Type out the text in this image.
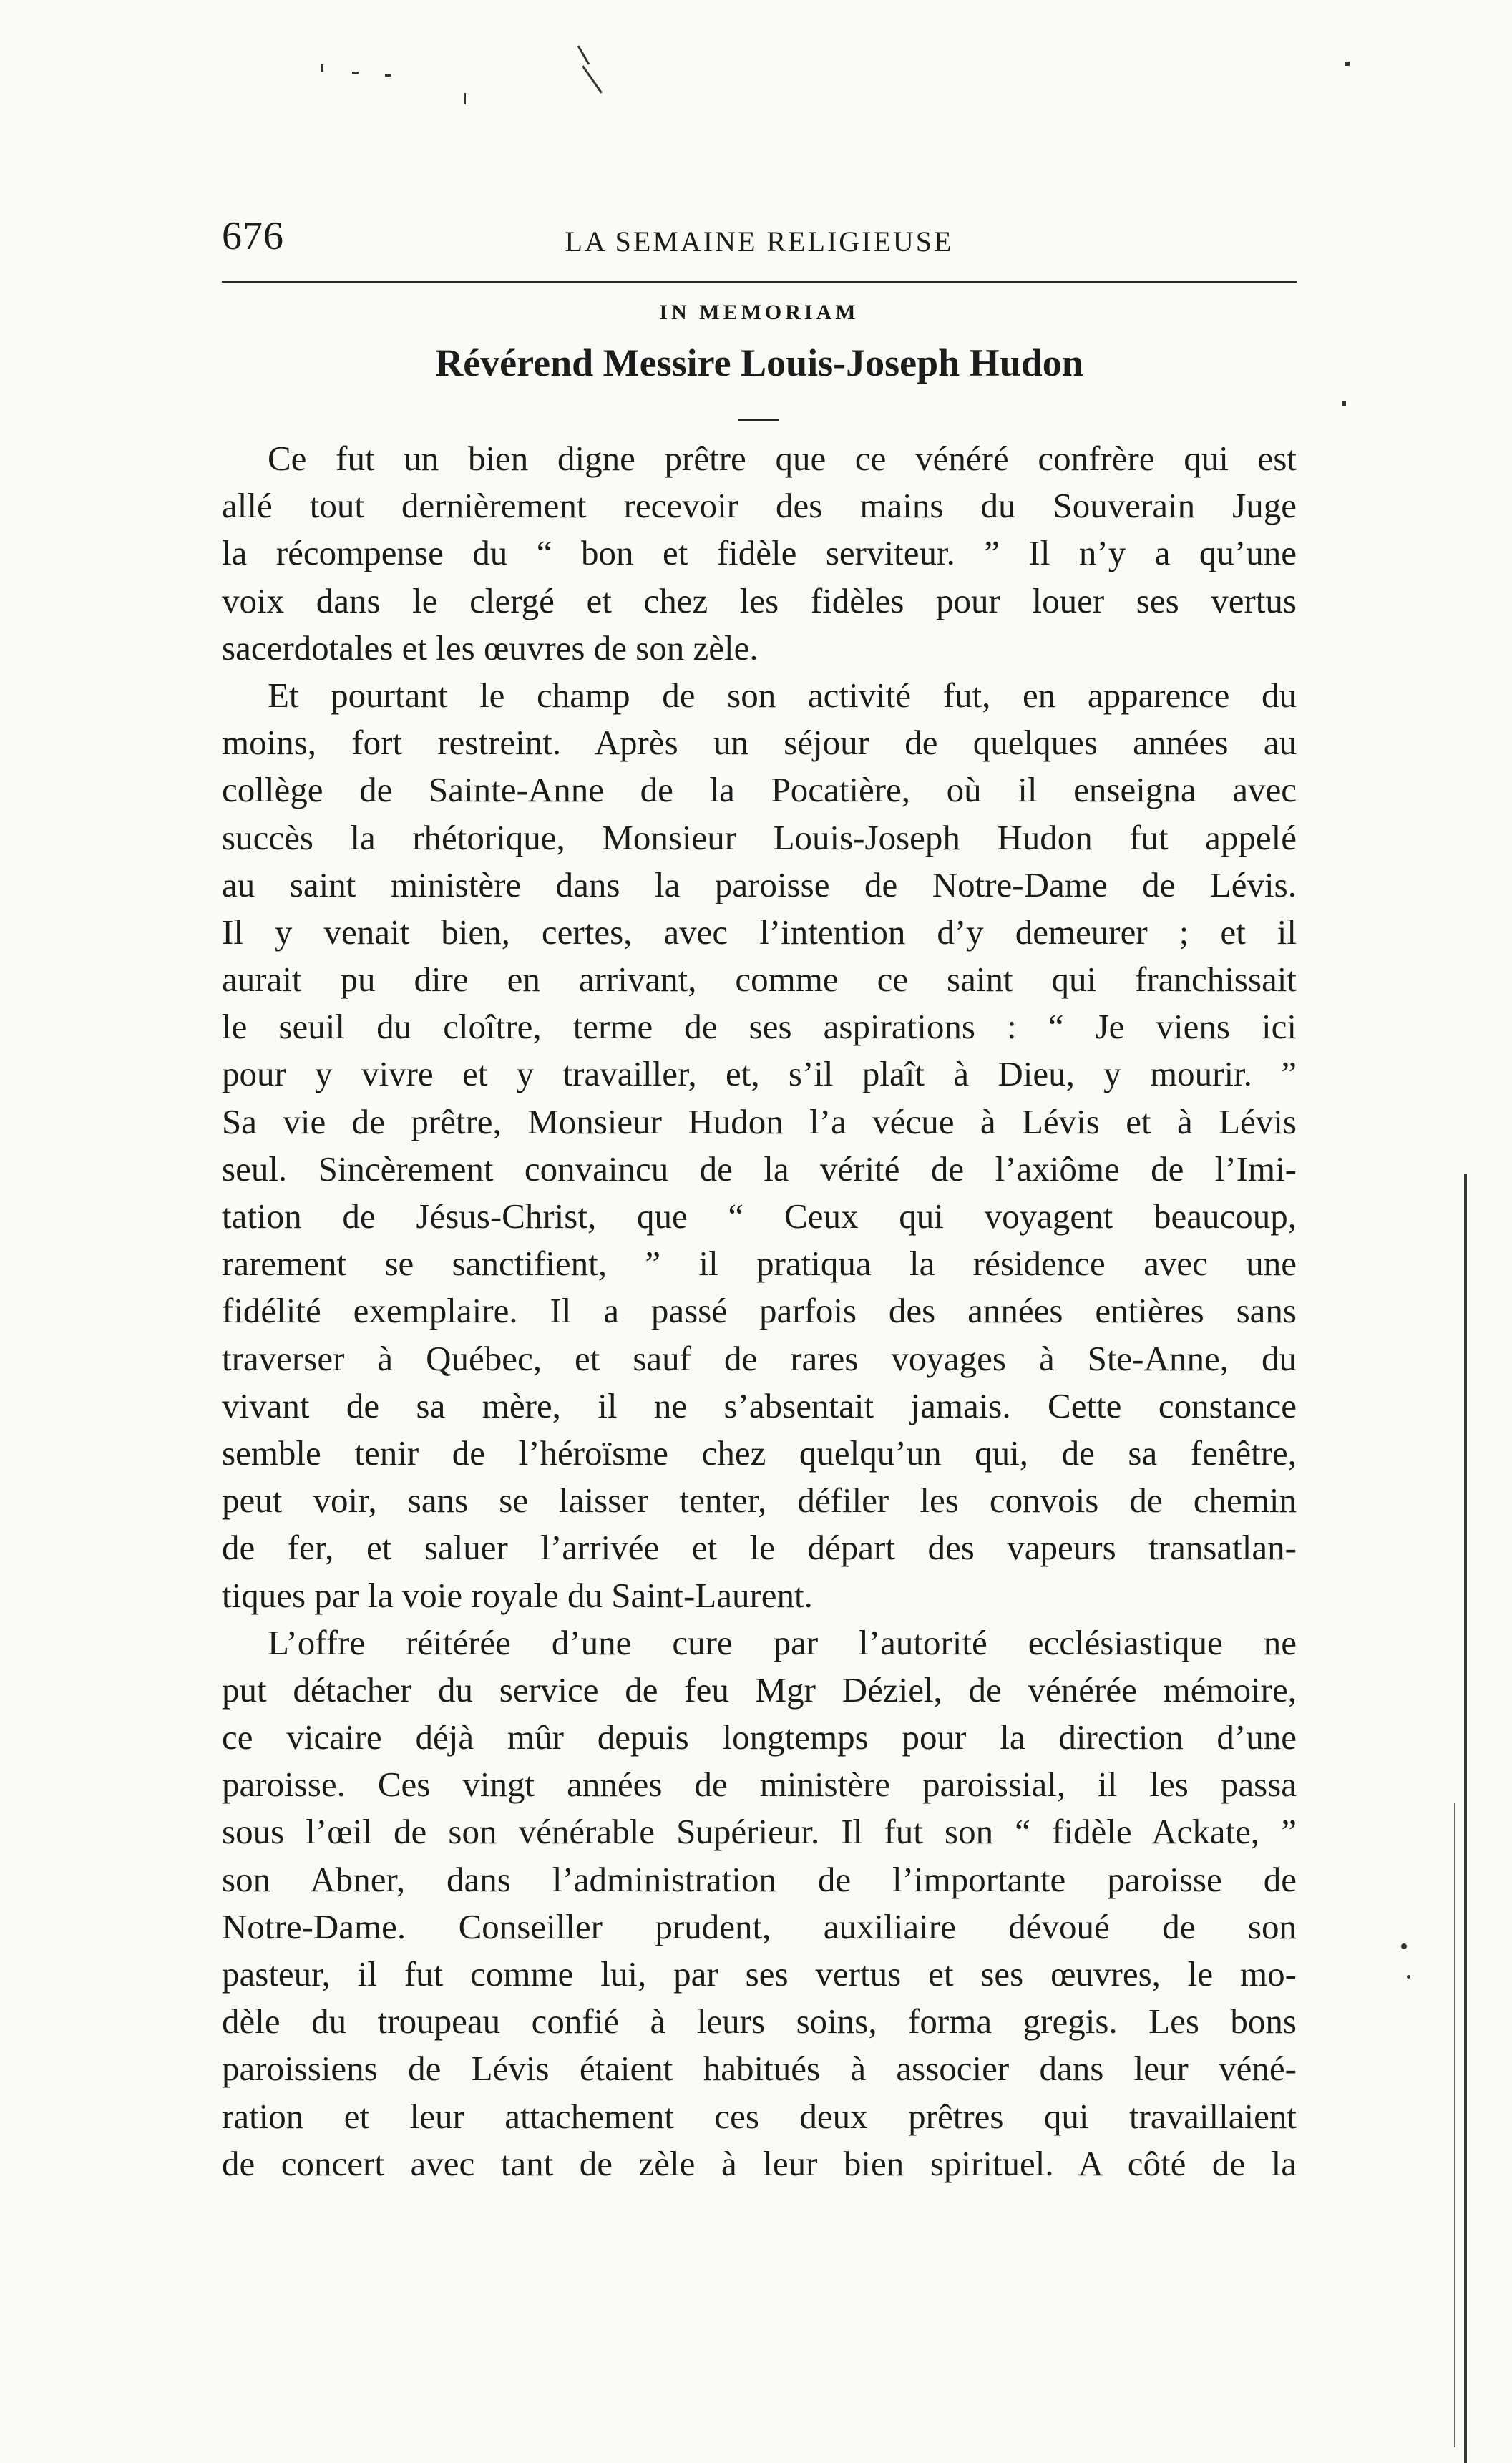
676	LA SEMAINE RELIGIEUSE
IN MEMORIAM
Révérend Messire Louis-Joseph Hudon
Ce fut un bien digne prêtre que ce vénéré confrère qui est
allé tout dernièrement recevoir des mains du Souverain Juge
la récompense du “ bon et fidèle serviteur. ” Il n’y a qu’une
voix dans le clergé et chez les fidèles pour louer ses vertus
sacerdotales et les œuvres de son zèle.
Et pourtant le champ de son activité fut, en apparence du
moins, fort restreint. Après un séjour de quelques années au
collège de Sainte-Anne de la Pocatière, où il enseigna avec
succès la rhétorique, Monsieur Louis-Joseph Hudon fut appelé
au saint ministère dans la paroisse de Notre-Dame de Lévis.
Il y venait bien, certes, avec l’intention d’y demeurer ; et il
aurait pu dire en arrivant, comme ce saint qui franchissait
le seuil du cloître, terme de ses aspirations : “ Je viens ici
pour y vivre et y travailler, et, s’il plaît à Dieu, y mourir. ”
Sa vie de prêtre, Monsieur Hudon l’a vécue à Lévis et à Lévis
seul. Sincèrement convaincu de la vérité de l’axiôme de l’Imi-
tation de Jésus-Christ, que “ Ceux qui voyagent beaucoup,
rarement se sanctifient, ” il pratiqua la résidence avec une
fidélité exemplaire. Il a passé parfois des années entières sans
traverser à Québec, et sauf de rares voyages à Ste-Anne, du
vivant de sa mère, il ne s’absentait jamais. Cette constance
semble tenir de l’héroïsme chez quelqu’un qui, de sa fenêtre,
peut voir, sans se laisser tenter, défiler les convois de chemin
de fer, et saluer l’arrivée et le départ des vapeurs transatlan-
tiques par la voie royale du Saint-Laurent.
L’offre réitérée d’une cure par l’autorité ecclésiastique ne
put détacher du service de feu Mgr Déziel, de vénérée mémoire,
ce vicaire déjà mûr depuis longtemps pour la direction d’une
paroisse. Ces vingt années de ministère paroissial, il les passa
sous l’œil de son vénérable Supérieur. Il fut son “ fidèle Ackate, ”
son Abner, dans l’administration de l’importante paroisse de
Notre-Dame. Conseiller prudent, auxiliaire dévoué de son
pasteur, il fut comme lui, par ses vertus et ses œuvres, le mo-
dèle du troupeau confié à leurs soins, forma gregis. Les bons
paroissiens de Lévis étaient habitués à associer dans leur véné-
ration et leur attachement ces deux prêtres qui travaillaient
de concert avec tant de zèle à leur bien spirituel. A côté de la
